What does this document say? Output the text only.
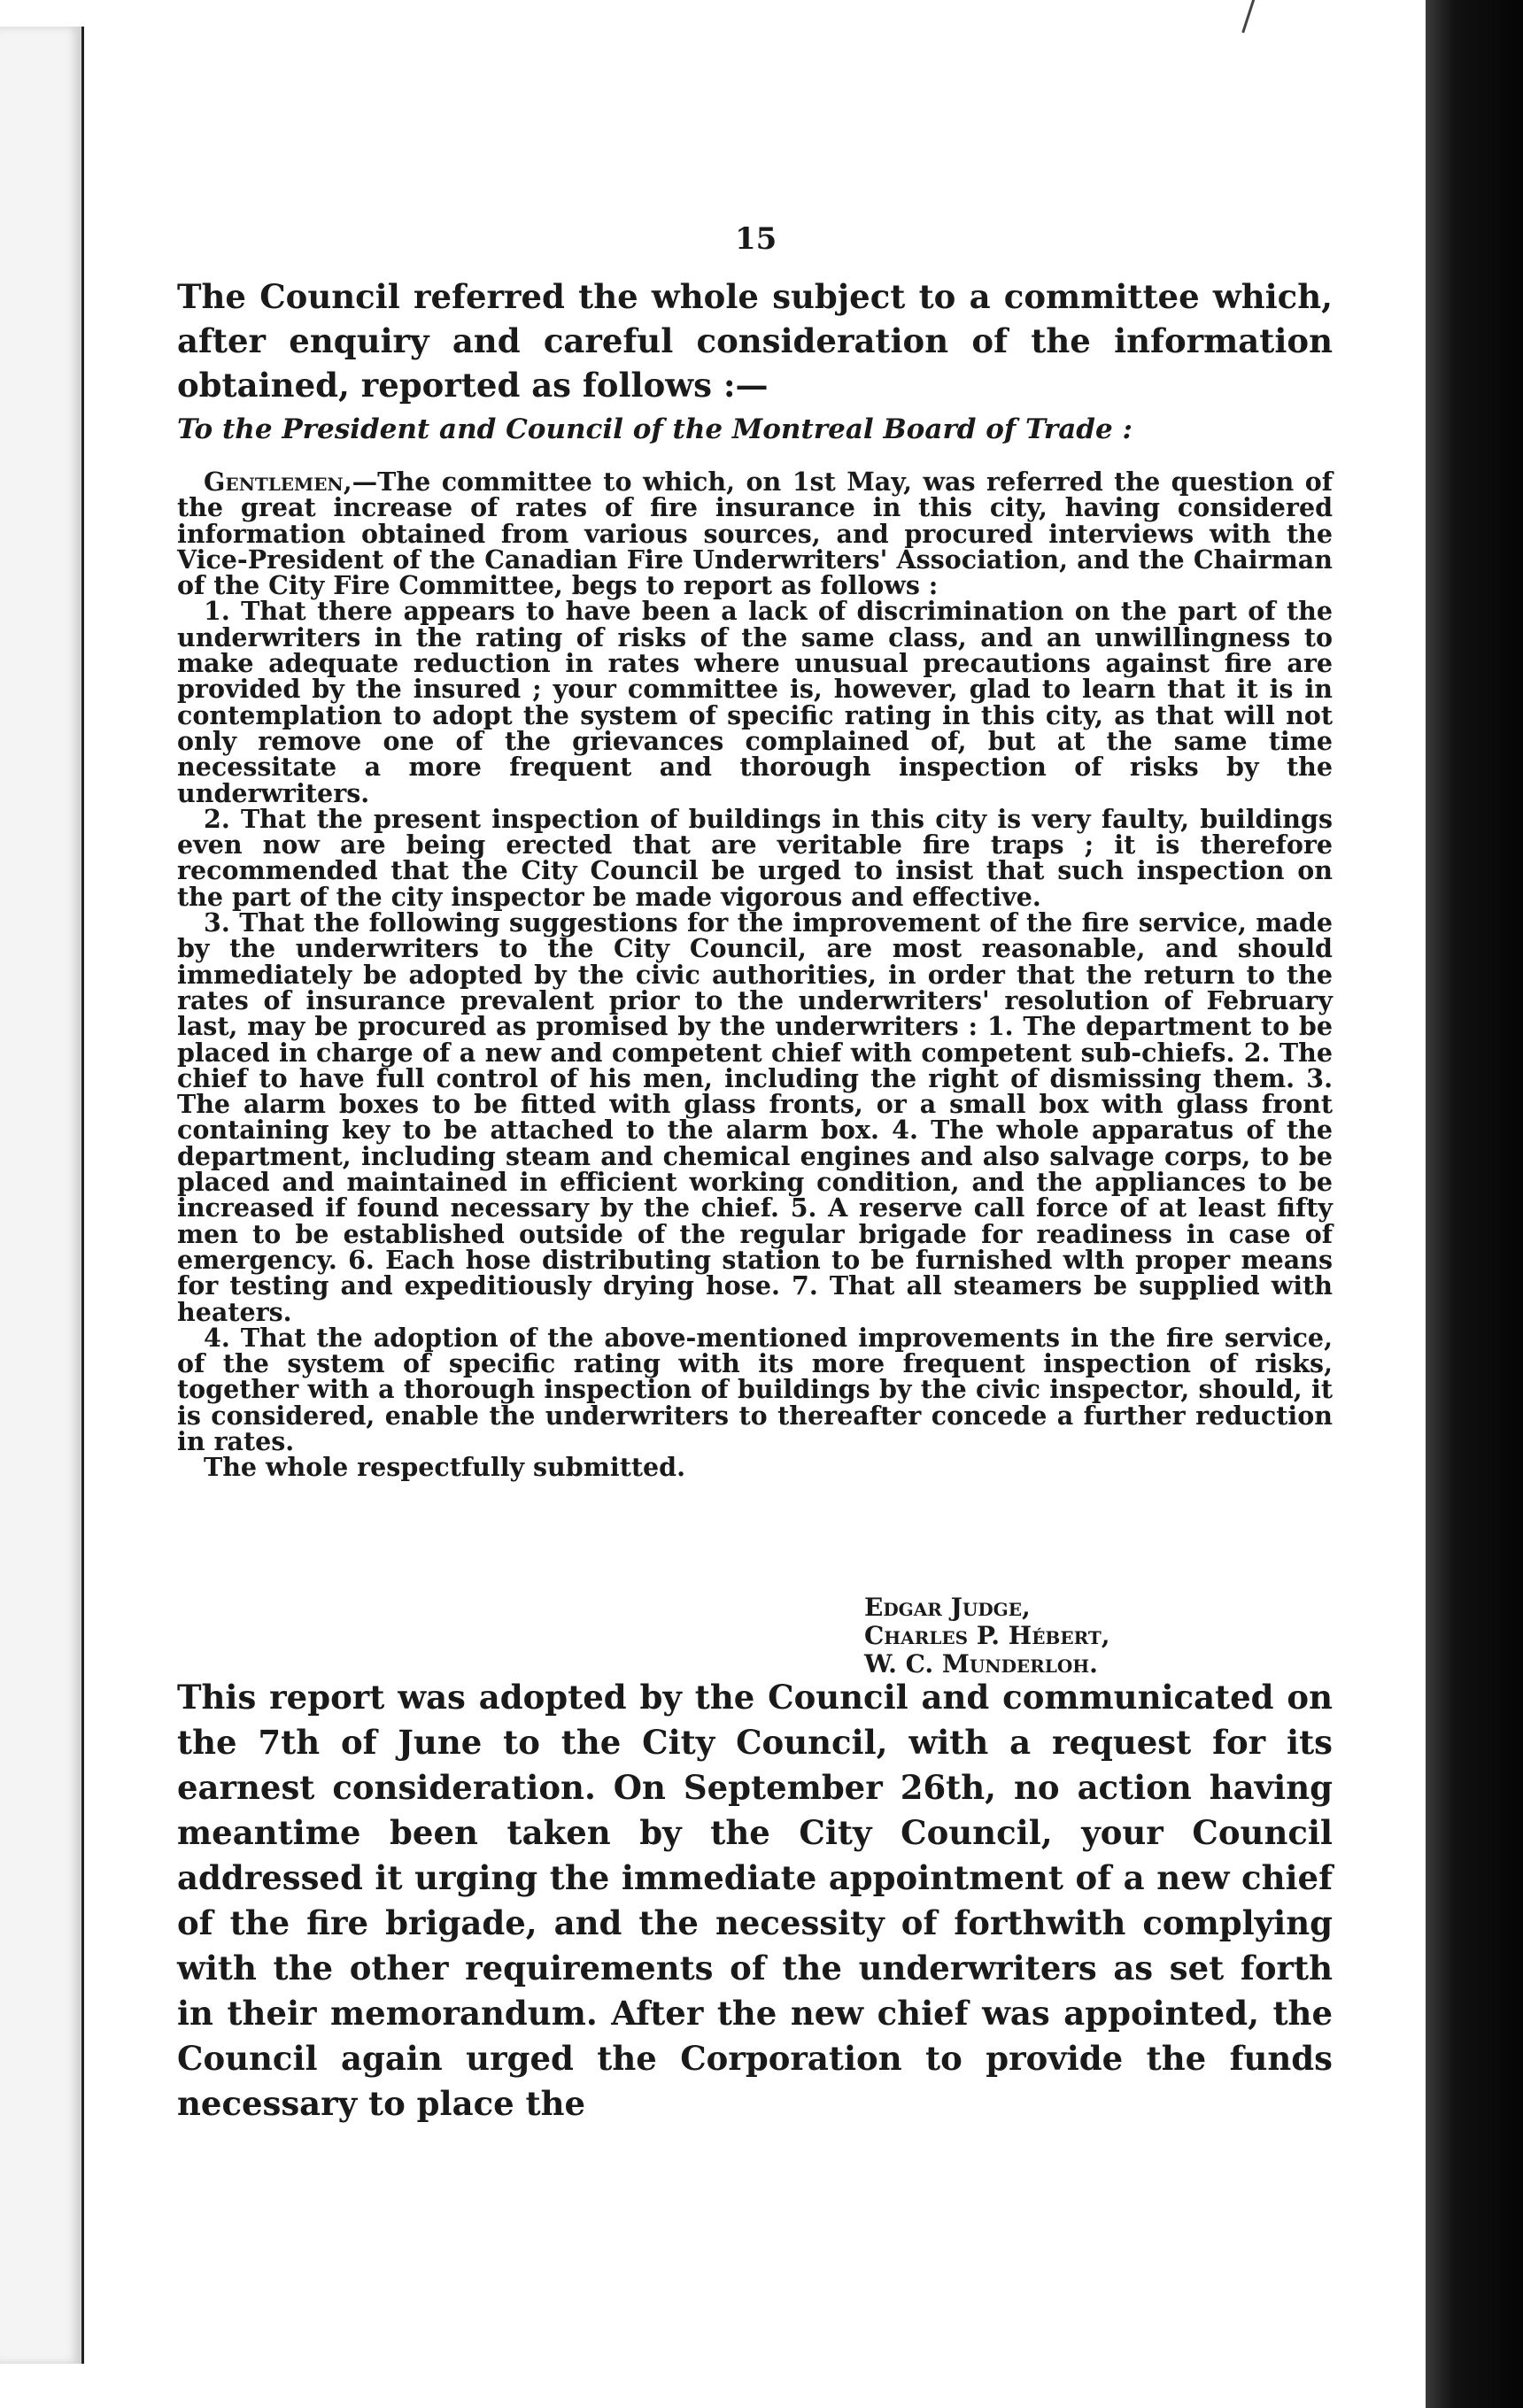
15
The Council referred the whole subject to a committee which, after enquiry and careful consideration of the information obtained, reported as follows :—
To the President and Council of the Montreal Board of Trade :

Gentlemen,—The committee to which, on 1st May, was referred the question of the great increase of rates of fire insurance in this city, having considered information obtained from various sources, and procured interviews with the Vice-President of the Canadian Fire Underwriters' Association, and the Chairman of the City Fire Committee, begs to report as follows :

1. That there appears to have been a lack of discrimination on the part of the underwriters in the rating of risks of the same class, and an unwillingness to make adequate reduction in rates where unusual precautions against fire are provided by the insured ; your committee is, however, glad to learn that it is in contemplation to adopt the system of specific rating in this city, as that will not only remove one of the grievances complained of, but at the same time necessitate a more frequent and thorough inspection of risks by the underwriters.

2. That the present inspection of buildings in this city is very faulty, buildings even now are being erected that are veritable fire traps ; it is therefore recommended that the City Council be urged to insist that such inspection on the part of the city inspector be made vigorous and effective.

3. That the following suggestions for the improvement of the fire service, made by the underwriters to the City Council, are most reasonable, and should immediately be adopted by the civic authorities, in order that the return to the rates of insurance prevalent prior to the underwriters' resolution of February last, may be procured as promised by the underwriters : 1. The department to be placed in charge of a new and competent chief with competent sub-chiefs. 2. The chief to have full control of his men, including the right of dismissing them. 3. The alarm boxes to be fitted with glass fronts, or a small box with glass front containing key to be attached to the alarm box. 4. The whole apparatus of the department, including steam and chemical engines and also salvage corps, to be placed and maintained in efficient working condition, and the appliances to be increased if found necessary by the chief. 5. A reserve call force of at least fifty men to be established outside of the regular brigade for readiness in case of emergency. 6. Each hose distributing station to be furnished wlth proper means for testing and expeditiously drying hose. 7. That all steamers be supplied with heaters.

4. That the adoption of the above-mentioned improvements in the fire service, of the system of specific rating with its more frequent inspection of risks, together with a thorough inspection of buildings by the civic inspector, should, it is considered, enable the underwriters to thereafter concede a further reduction in rates.

The whole respectfully submitted.

Edgar Judge,
Charles P. Hébert,
W. C. Munderloh.

This report was adopted by the Council and communicated on the 7th of June to the City Council, with a request for its earnest consideration. On September 26th, no action having meantime been taken by the City Council, your Council addressed it urging the immediate appointment of a new chief of the fire brigade, and the necessity of forthwith complying with the other requirements of the underwriters as set forth in their memorandum. After the new chief was appointed, the Council again urged the Corporation to provide the funds necessary to place the
